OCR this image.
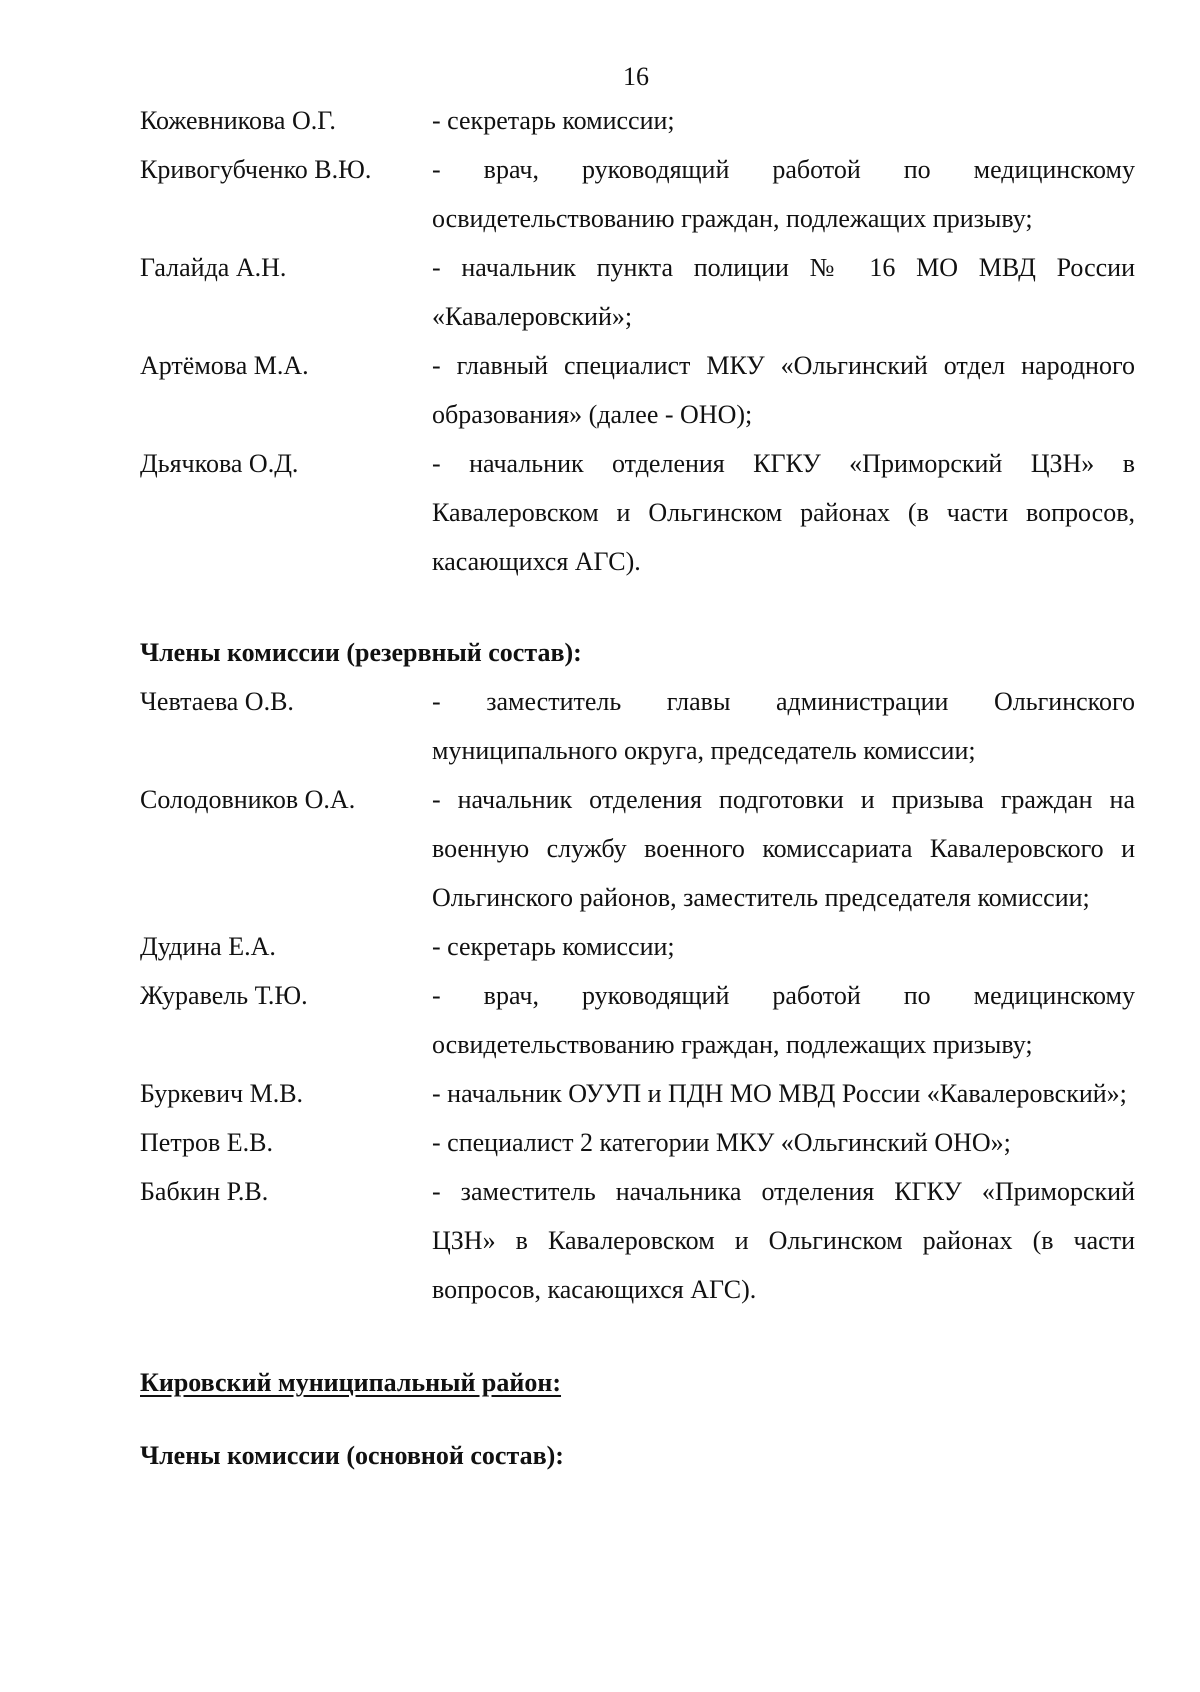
16
Кожевникова О.Г.	- секретарь комиссии;
Кривогубченко В.Ю.	- врач, руководящий работой по медицинскому освидетельствованию граждан, подлежащих призыву;
Галайда А.Н.	- начальник пункта полиции № 16 МО МВД России «Кавалеровский»;
Артёмова М.А.	- главный специалист МКУ «Ольгинский отдел народного образования» (далее - ОНО);
Дьячкова О.Д.	- начальник отделения КГКУ «Приморский ЦЗН» в Кавалеровском и Ольгинском районах (в части вопросов, касающихся АГС).
Члены комиссии (резервный состав):
Чевтаева О.В.	- заместитель главы администрации Ольгинского муниципального округа, председатель комиссии;
Солодовников О.А.	- начальник отделения подготовки и призыва граждан на военную службу военного комиссариата Кавалеровского и Ольгинского районов, заместитель председателя комиссии;
Дудина Е.А.	- секретарь комиссии;
Журавель Т.Ю.	- врач, руководящий работой по медицинскому освидетельствованию граждан, подлежащих призыву;
Буркевич М.В.	- начальник ОУУП и ПДН МО МВД России «Кавалеровский»;
Петров Е.В.	- специалист 2 категории МКУ «Ольгинский ОНО»;
Бабкин Р.В.	- заместитель начальника отделения КГКУ «Приморский ЦЗН» в Кавалеровском и Ольгинском районах (в части вопросов, касающихся АГС).
Кировский муниципальный район:
Члены комиссии (основной состав):
